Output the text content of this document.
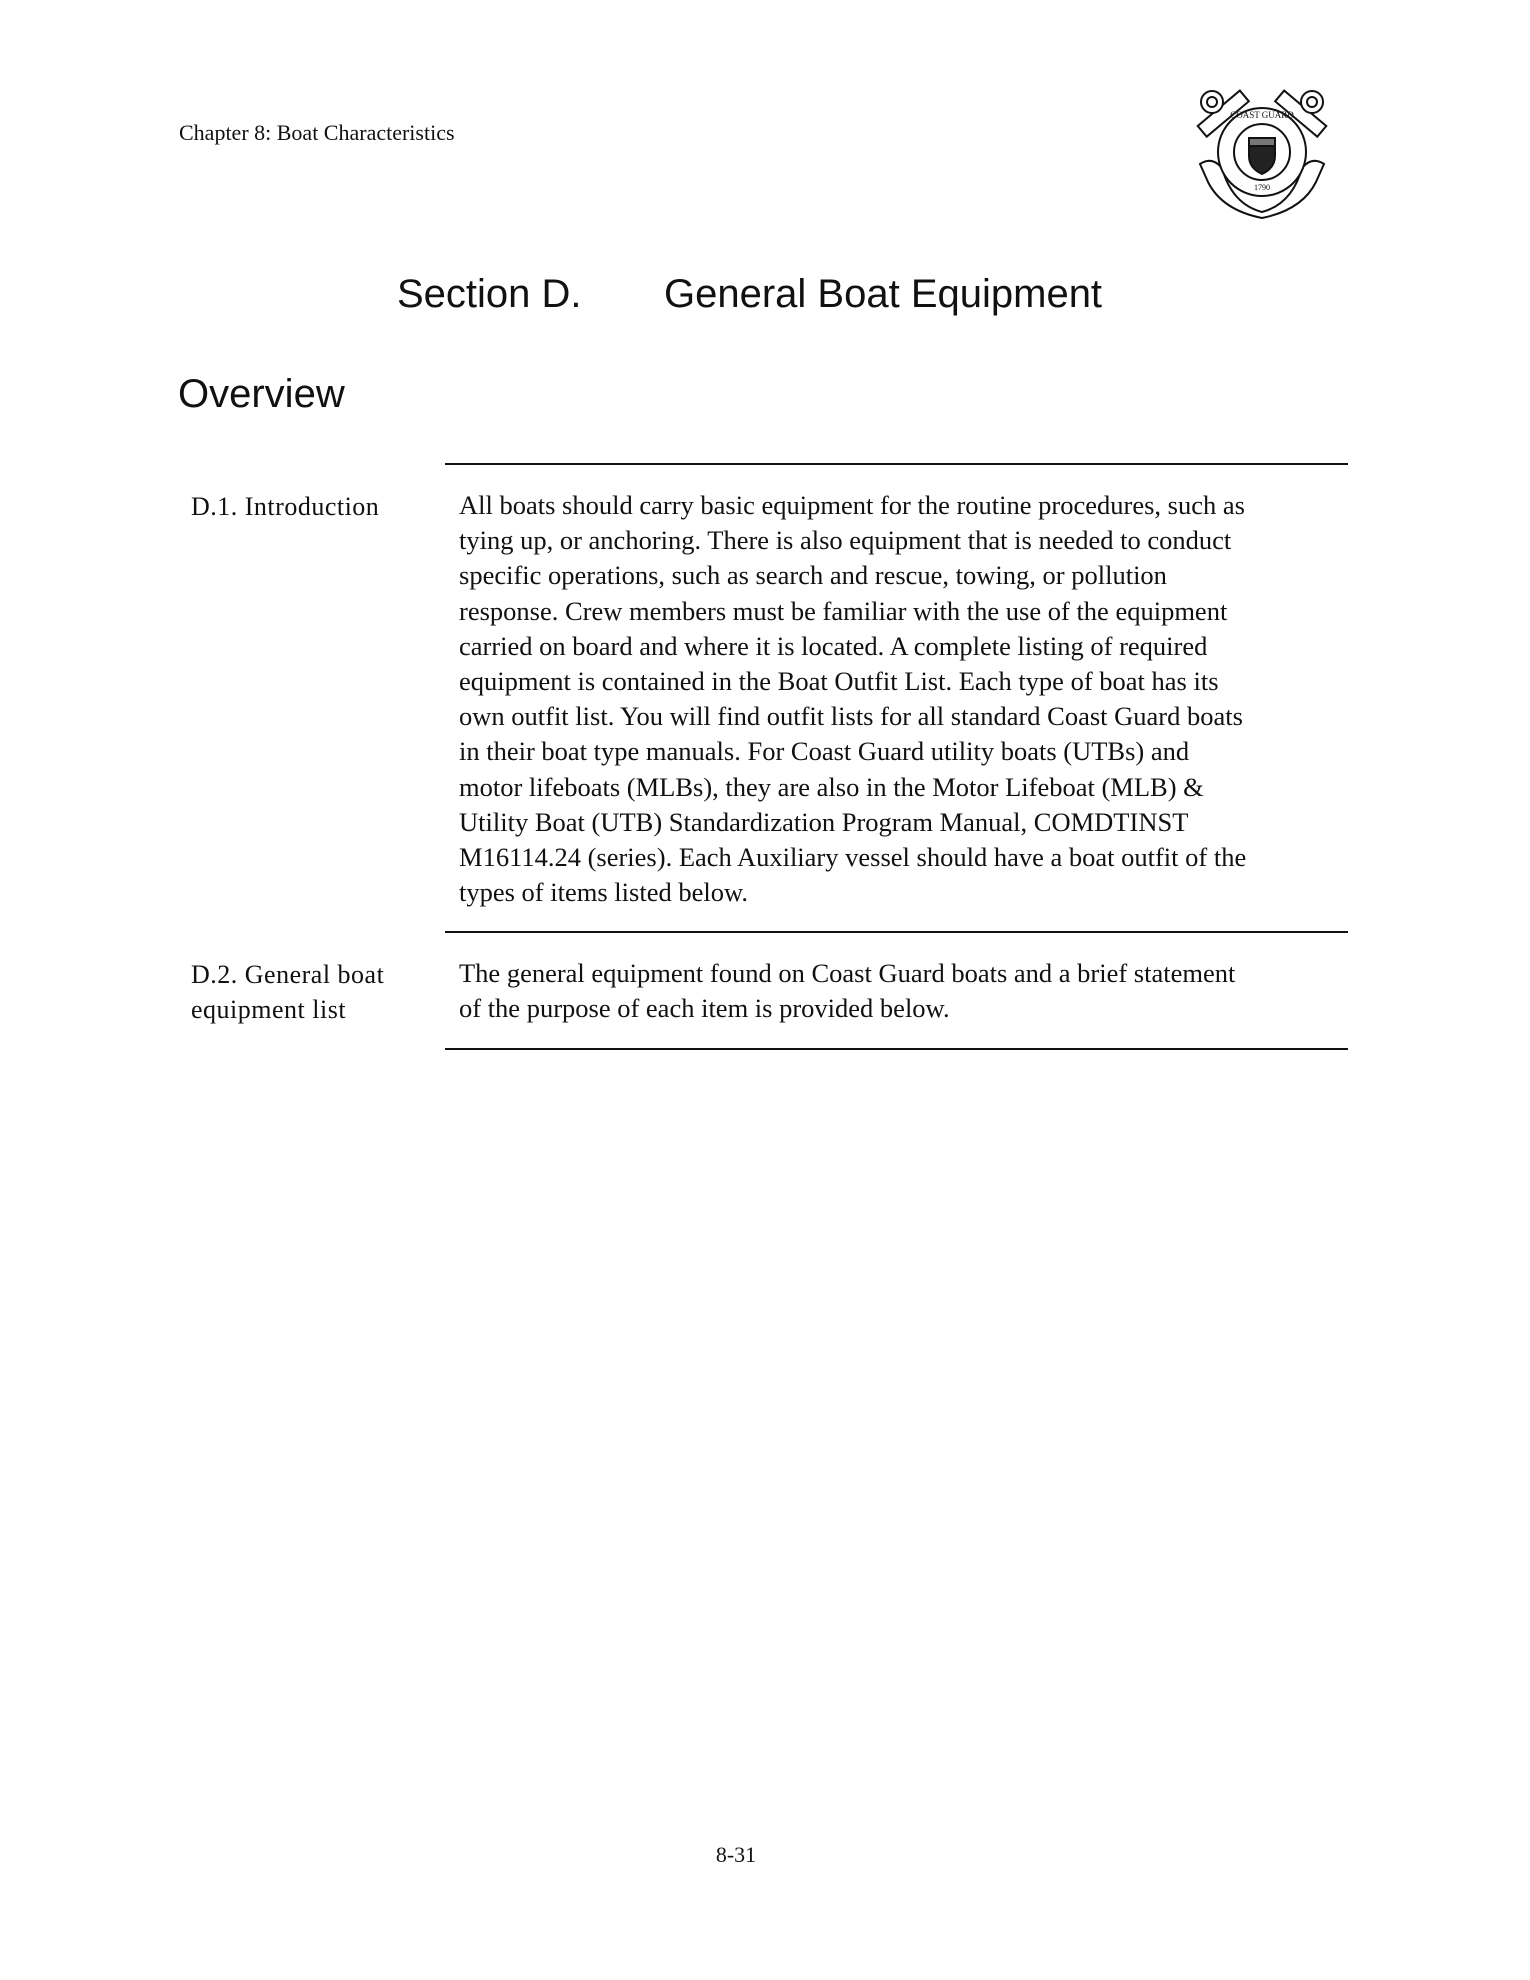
Chapter 8: Boat Characteristics
COAST GUARD
1790
Section D. General Boat Equipment
Overview
D.1. Introduction	All boats should carry basic equipment for the routine procedures, such as
tying up, or anchoring. There is also equipment that is needed to conduct
specific operations, such as search and rescue, towing, or pollution
response. Crew members must be familiar with the use of the equipment
carried on board and where it is located. A complete listing of required
equipment is contained in the Boat Outfit List. Each type of boat has its
own outfit list. You will find outfit lists for all standard Coast Guard boats
in their boat type manuals. For Coast Guard utility boats (UTBs) and
motor lifeboats (MLBs), they are also in the Motor Lifeboat (MLB) &
Utility Boat (UTB) Standardization Program Manual, COMDTINST
M16114.24 (series). Each Auxiliary vessel should have a boat outfit of the
types of items listed below.
D.2. General boat
equipment list
The general equipment found on Coast Guard boats and a brief statement
of the purpose of each item is provided below.
8-31
